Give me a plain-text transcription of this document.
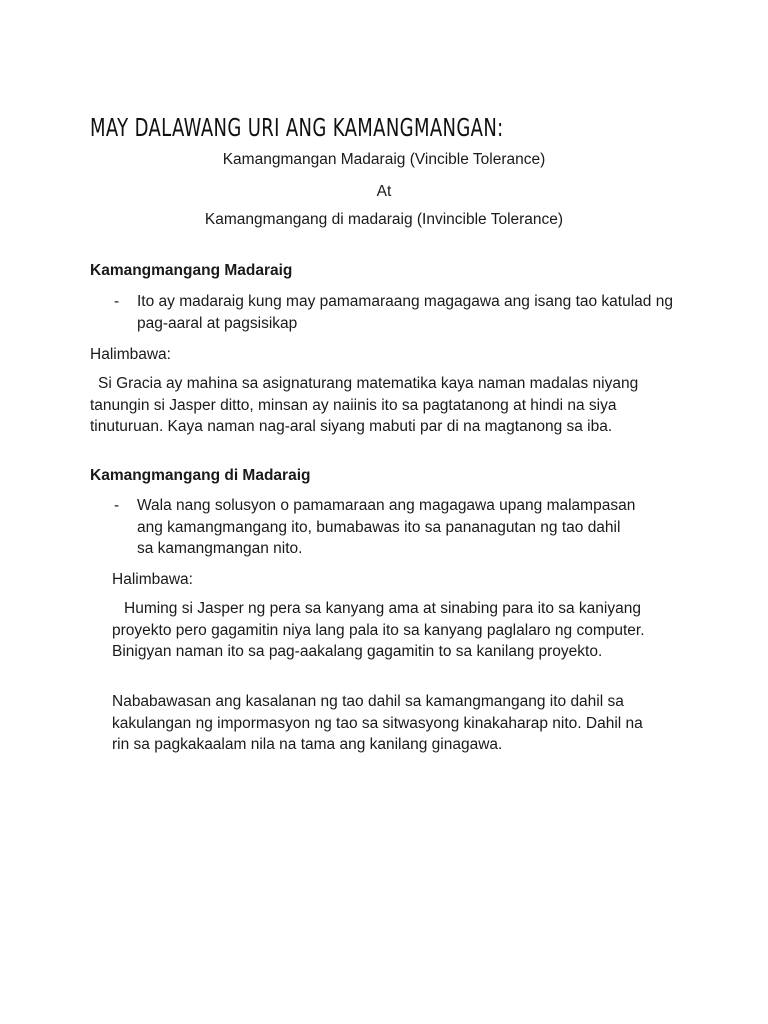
MAY DALAWANG URI ANG KAMANGMANGAN:

Kamangmangan Madaraig (Vincible Tolerance)

At

Kamangmangang di madaraig (Invincible Tolerance)

Kamangmangang Madaraig

- Ito ay madaraig kung may pamamaraang magagawa ang isang tao katulad ng pag-aaral at pagsisikap

Halimbawa:

Si Gracia ay mahina sa asignaturang matematika kaya naman madalas niyang tanungin si Jasper ditto, minsan ay naiinis ito sa pagtatanong at hindi na siya tinuturuan. Kaya naman nag-aral siyang mabuti par di na magtanong sa iba.

Kamangmangang di Madaraig

- Wala nang solusyon o pamamaraan ang magagawa upang malampasan ang kamangmangang ito, bumabawas ito sa pananagutan ng tao dahil sa kamangmangan nito.

Halimbawa:

Huming si Jasper ng pera sa kanyang ama at sinabing para ito sa kaniyang proyekto pero gagamitin niya lang pala ito sa kanyang paglalaro ng computer. Binigyan naman ito sa pag-aakalang gagamitin to sa kanilang proyekto.

Nababawasan ang kasalanan ng tao dahil sa kamangmangang ito dahil sa kakulangan ng impormasyon ng tao sa sitwasyong kinakaharap nito. Dahil na rin sa pagkakaalam nila na tama ang kanilang ginagawa.
